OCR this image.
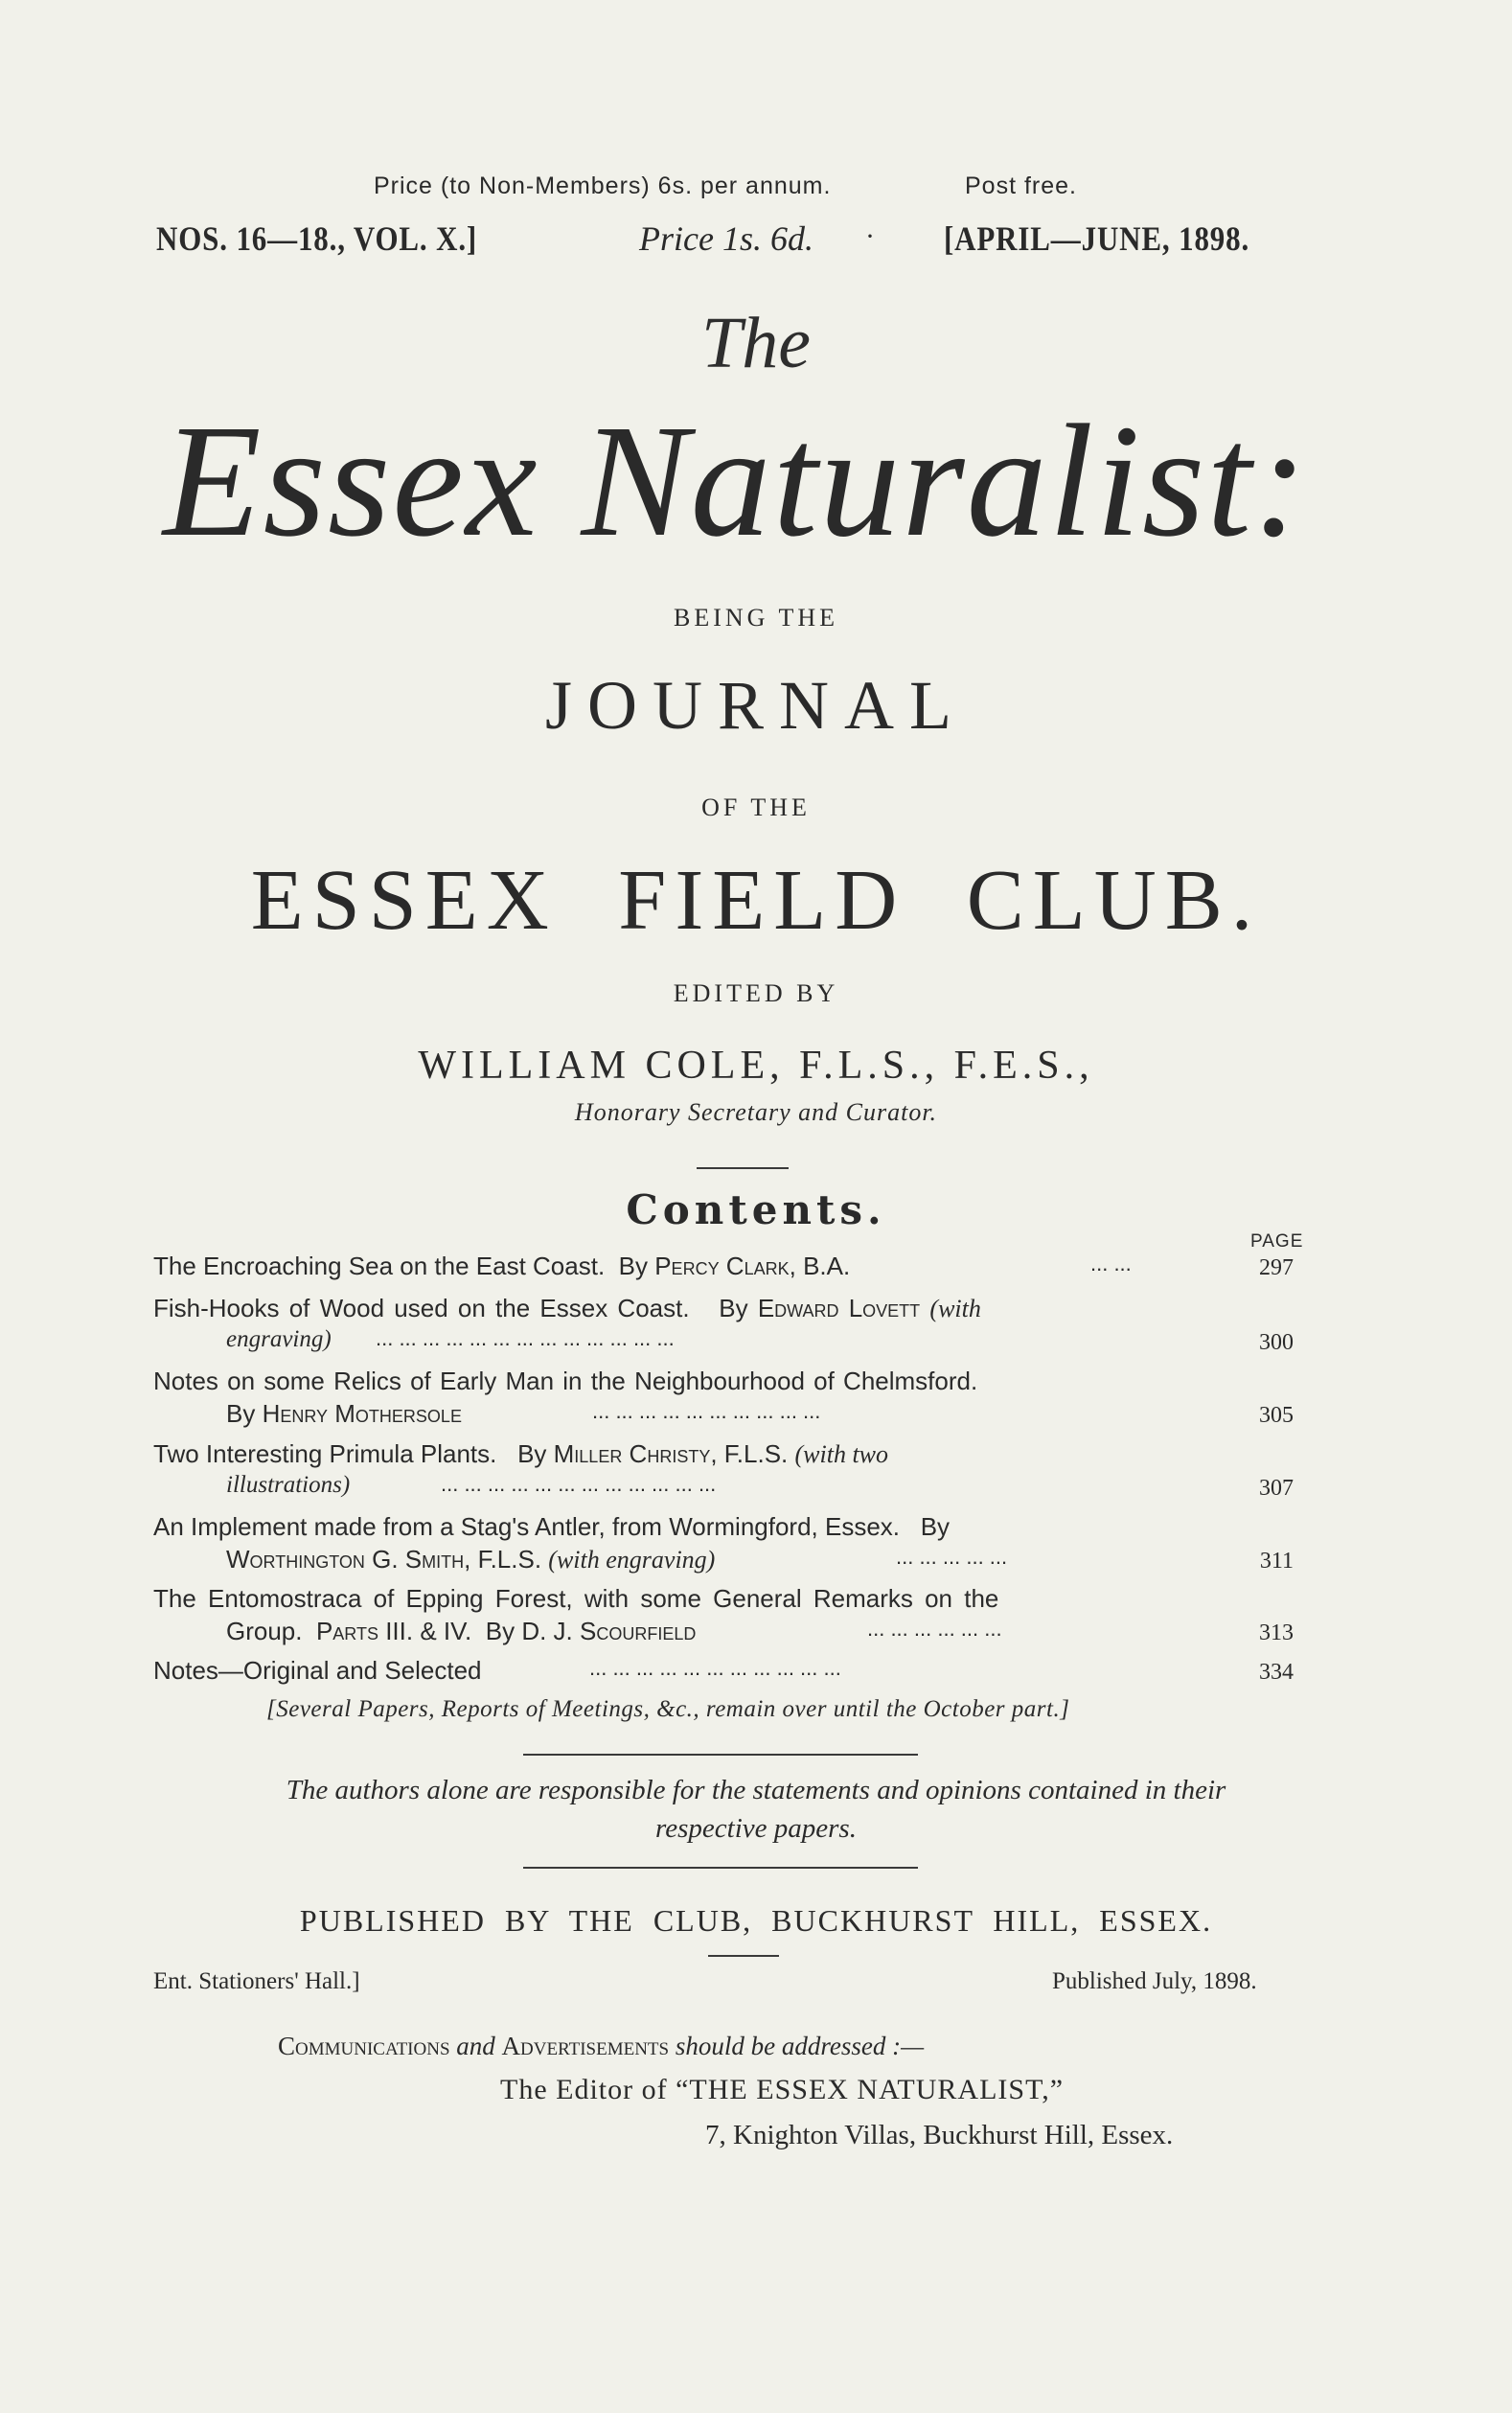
Price (to Non-Members) 6s. per annum.	Post free.
NOS. 16—18., VOL. X.]	Price 1s. 6d. · [APRIL—JUNE, 1898.
The
Essex Naturalist:
BEING THE
JOURNAL
OF THE
ESSEX FIELD CLUB.
EDITED BY
WILLIAM COLE, F.L.S., F.E.S.,
Honorary Secretary and Curator.
Contents.
PAGE
The Encroaching Sea on the East Coast. By Percy Clark, B.A.	... ...	297
Fish-Hooks of Wood used on the Essex Coast. By Edward Lovett (with
engraving) ... ... ... ... ... ... ... ... ... ... ... ... ...	300
Notes on some Relics of Early Man in the Neighbourhood of Chelmsford.
By Henry Mothersole	... ... ... ... ... ... ... ... ... ...	305
Two Interesting Primula Plants. By Miller Christy, F.L.S. (with two
illustrations)	... ... ... ... ... ... ... ... ... ... ... ...	307
An Implement made from a Stag's Antler, from Wormingford, Essex. By
Worthington G. Smith, F.L.S. (with engraving)	... ... ... ... ...	311
The Entomostraca of Epping Forest, with some General Remarks on the
Group. Parts III. & IV. By D. J. Scourfield	... ... ... ... ... ...	313
Notes—Original and Selected	... ... ... ... ... ... ... ... ... ... ...	334
[Several Papers, Reports of Meetings, &c., remain over until the October part.]
The authors alone are responsible for the statements and opinions contained in their
respective papers.
PUBLISHED BY THE CLUB, BUCKHURST HILL, ESSEX.
Ent. Stationers' Hall.]	Published July, 1898.
Communications and Advertisements should be addressed :—
The Editor of “THE ESSEX NATURALIST,”
7, Knighton Villas, Buckhurst Hill, Essex.
